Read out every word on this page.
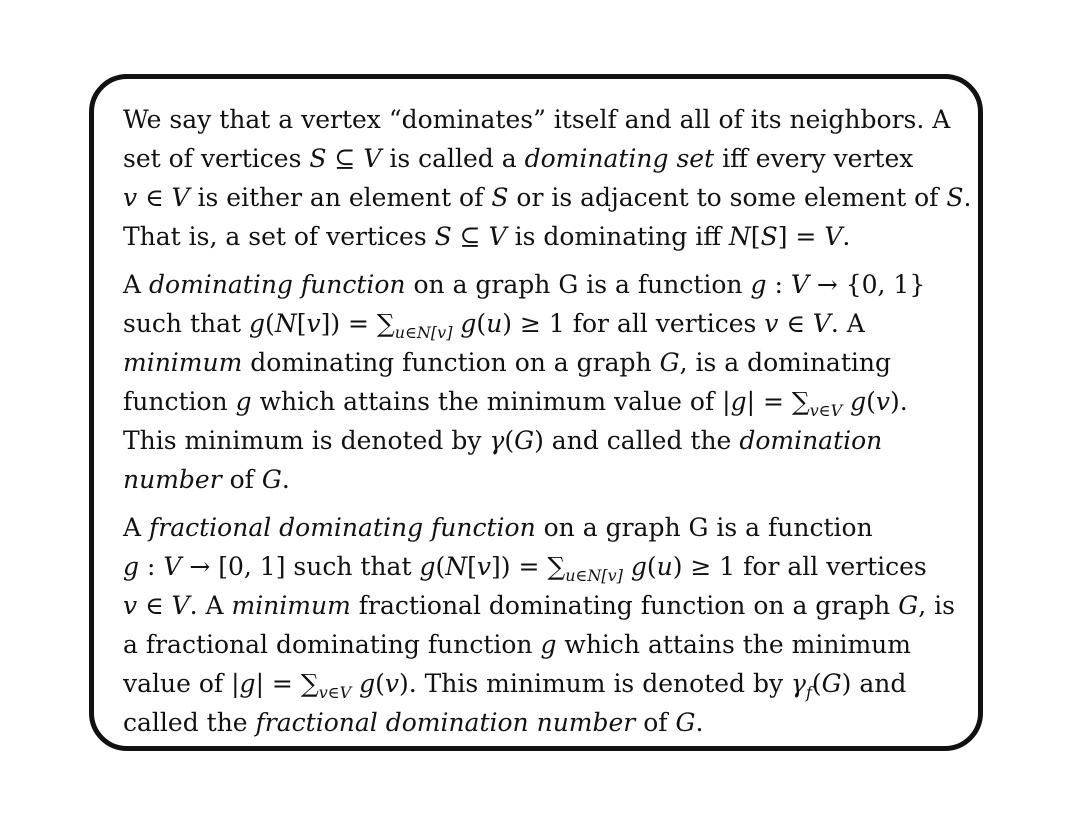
We say that a vertex “dominates” itself and all of its neighbors. A
set of vertices S ⊆ V is called a dominating set iff every vertex
v ∈ V is either an element of S or is adjacent to some element of S.
That is, a set of vertices S ⊆ V is dominating iff N[S] = V.
A dominating function on a graph G is a function g : V → {0, 1}
such that $g(N[v]) = \sum_{u\in N[v]}$ g(u) ≥ 1 for all vertices v ∈ V. A
minimum dominating function on a graph G, is a dominating
function g which attains the minimum value of $|g| = \sum_{v\in V}$ g(v).
This minimum is denoted by γ(G) and called the domination
number of G.
A fractional dominating function on a graph G is a function
g : V → [0, 1] such that $g(N[v]) = \sum_{u\in N[v]}$ g(u) ≥ 1 for all vertices
v ∈ V. A minimum fractional dominating function on a graph G, is
a fractional dominating function g which attains the minimum
value of $|g| = \sum_{v\in V}$ g(v). This minimum is denoted by $\gamma_f(G)$ and
called the fractional domination number of G.
